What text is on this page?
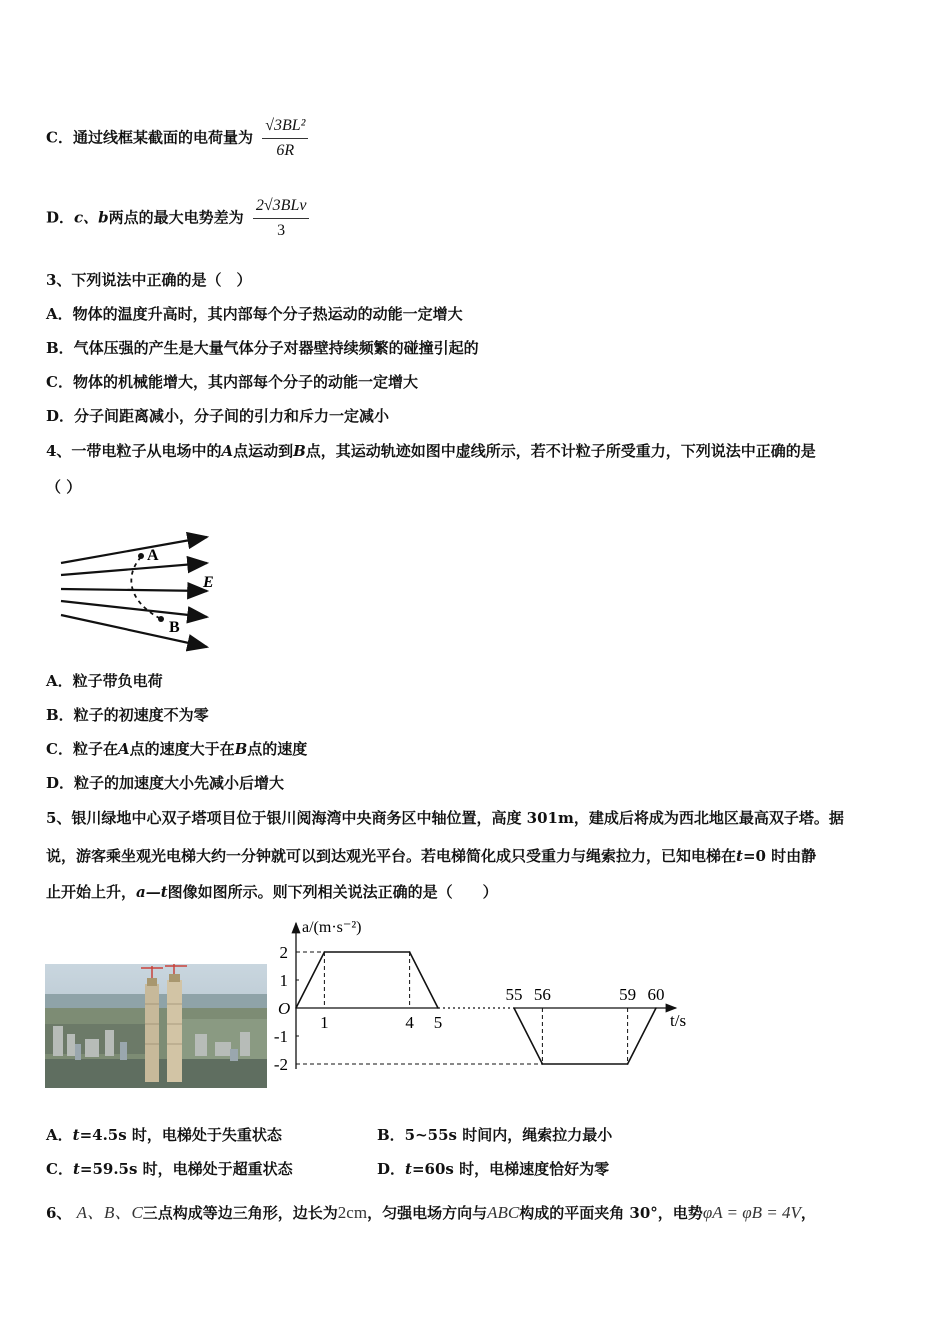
C．通过线框某截面的电荷量为 $\frac{\text{√3BL²}}{6R}$
D．c、b两点的最大电势差为 $\frac{\text{2√3BLv}}{3}$
3、下列说法中正确的是（　）
A．物体的温度升高时，其内部每个分子热运动的动能一定增大
B．气体压强的产生是大量气体分子对器壁持续频繁的碰撞引起的
C．物体的机械能增大，其内部每个分子的动能一定增大
D．分子间距离减小，分子间的引力和斥力一定减小
4、一带电粒子从电场中的A点运动到B点，其运动轨迹如图中虚线所示，若不计粒子所受重力，下列说法中正确的是
（ ）
A
B
E
A．粒子带负电荷
B．粒子的初速度不为零
C．粒子在A点的速度大于在B点的速度
D．粒子的加速度大小先减小后增大
5、银川绿地中心双子塔项目位于银川阅海湾中央商务区中轴位置，高度 301m，建成后将成为西北地区最高双子塔。据
说，游客乘坐观光电梯大约一分钟就可以到达观光平台。若电梯简化成只受重力与绳索拉力，已知电梯在t=0 时由静
止开始上升，a—t图像如图所示。则下列相关说法正确的是（　　）
2
1
-1
-2
O
1	4 5
55 56	59 60
a/(m·s⁻²)
t/s
A．t=4.5s 时，电梯处于失重状态	B．5~55s 时间内，绳索拉力最小
C．t=59.5s 时，电梯处于超重状态	D．t=60s 时，电梯速度恰好为零
6、 A、B、C三点构成等边三角形，边长为2cm，匀强电场方向与ABC构成的平面夹角 30°，电势φA = φB = 4V，
